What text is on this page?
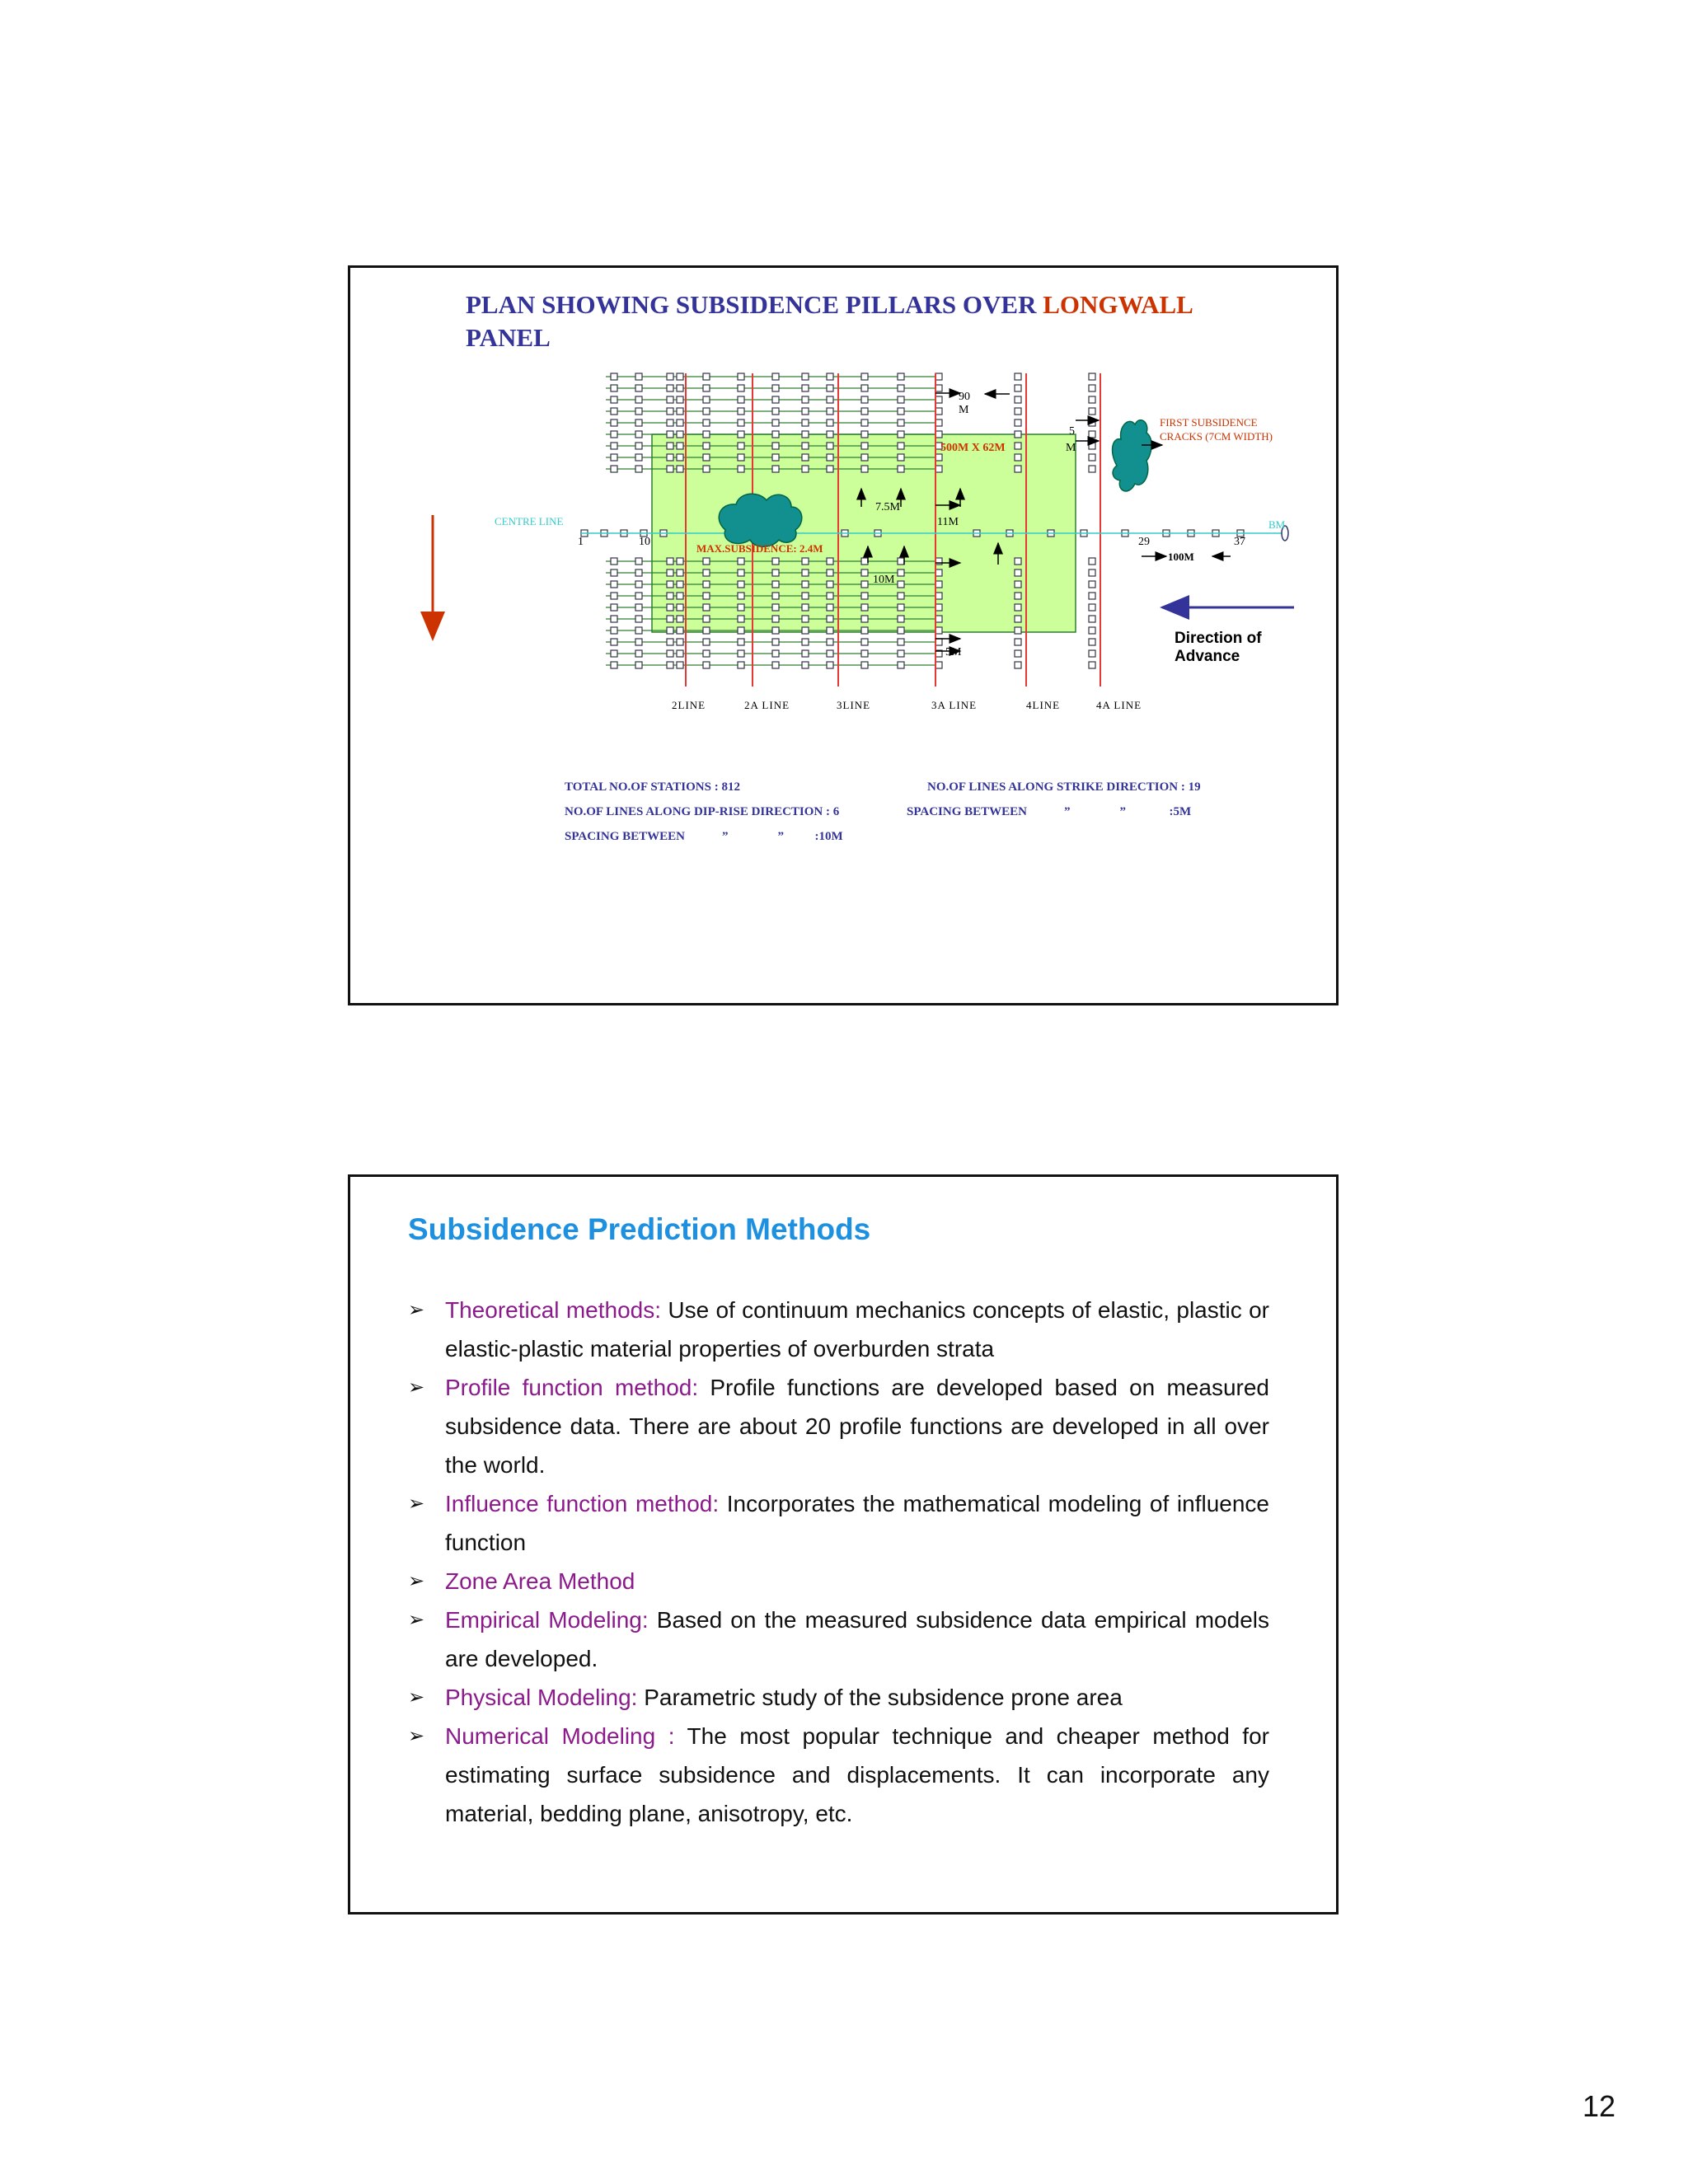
PLAN SHOWING SUBSIDENCE PILLARS OVER LONGWALL
PANEL
90
M
5
M
500M X 62M
FIRST SUBSIDENCE
CRACKS (7CM WIDTH)
7.5M
11M
CENTRE LINE	BM
1	10	29	37
MAX.SUBSIDENCE: 2.4M
10M
100M
5M
Direction of
Advance
2LINE	2A LINE	3LINE	3A LINE	4LINE	4A LINE
TOTAL NO.OF STATIONS : 812	NO.OF LINES ALONG STRIKE DIRECTION : 19
NO.OF LINES ALONG DIP-RISE DIRECTION : 6	SPACING BETWEEN            ”                ”              :5M
SPACING BETWEEN            ”                ”          :10M
Subsidence Prediction Methods
➢ Theoretical methods: Use of continuum mechanics concepts of elastic, plastic or elastic-plastic material properties of overburden strata
➢ Profile function method: Profile functions are developed based on measured subsidence data. There are about 20 profile functions are developed in all over the world.
➢ Influence function method: Incorporates the mathematical modeling of influence function
➢ Zone Area Method
➢ Empirical Modeling: Based on the measured subsidence data empirical models are developed.
➢ Physical Modeling: Parametric study of the subsidence prone area
➢ Numerical Modeling : The most popular technique and cheaper method for estimating surface subsidence and displacements. It can incorporate any material, bedding plane, anisotropy, etc.
12
